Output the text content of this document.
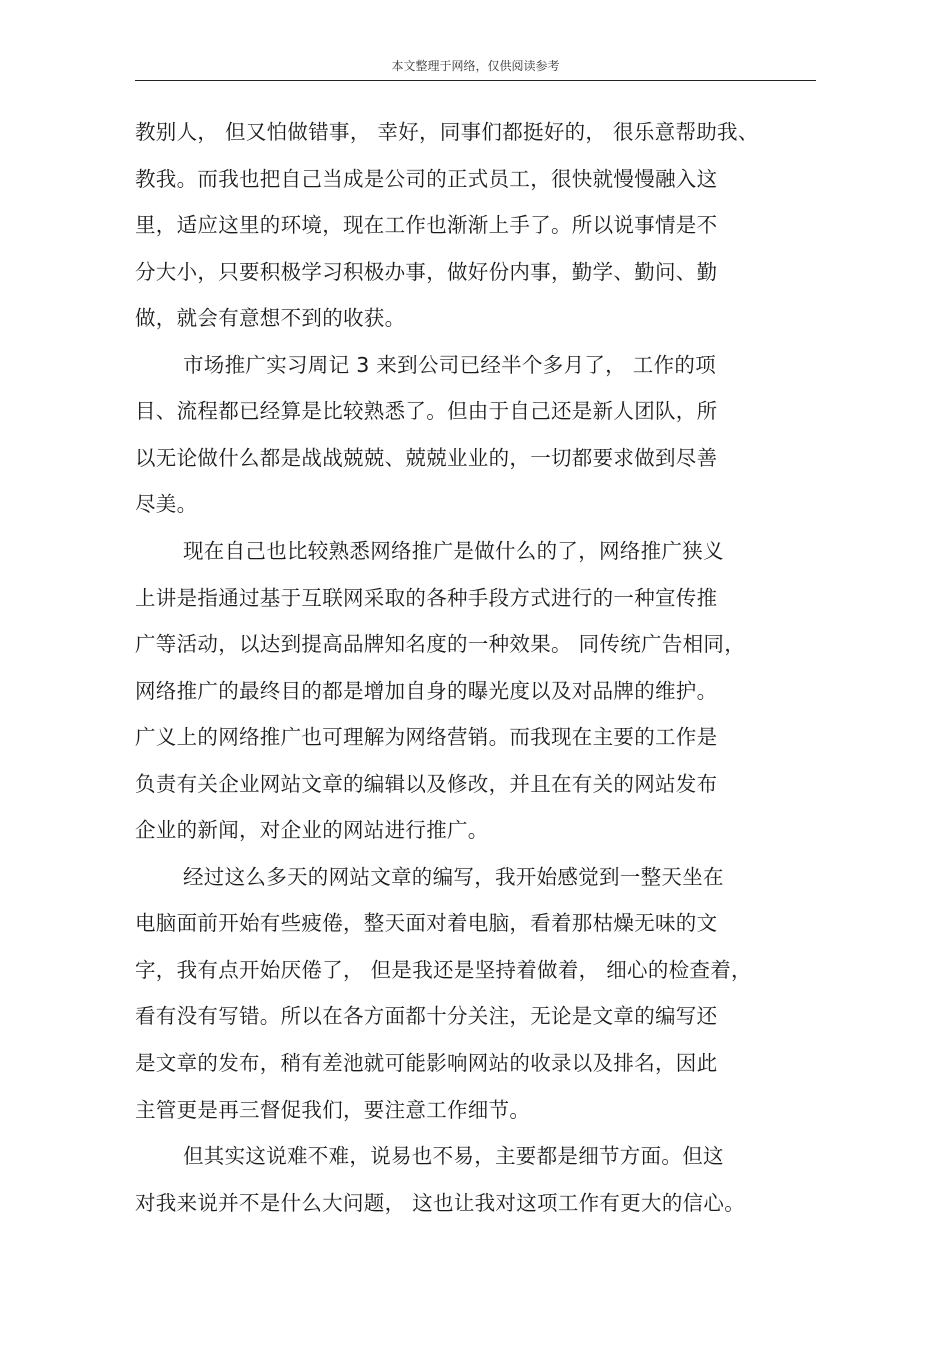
本文整理于网络，仅供阅读参考
教别人， 但又怕做错事， 幸好，同事们都挺好的， 很乐意帮助我、
教我。而我也把自己当成是公司的正式员工，很快就慢慢融入这
里，适应这里的环境，现在工作也渐渐上手了。所以说事情是不
分大小，只要积极学习积极办事，做好份内事，勤学、勤问、勤
做，就会有意想不到的收获。
市场推广实习周记 3 来到公司已经半个多月了， 工作的项
目、流程都已经算是比较熟悉了。但由于自己还是新人团队，所
以无论做什么都是战战兢兢、兢兢业业的，一切都要求做到尽善
尽美。
现在自己也比较熟悉网络推广是做什么的了，网络推广狭义
上讲是指通过基于互联网采取的各种手段方式进行的一种宣传推
广等活动，以达到提高品牌知名度的一种效果。 同传统广告相同，
网络推广的最终目的都是增加自身的曝光度以及对品牌的维护。
广义上的网络推广也可理解为网络营销。而我现在主要的工作是
负责有关企业网站文章的编辑以及修改，并且在有关的网站发布
企业的新闻，对企业的网站进行推广。
经过这么多天的网站文章的编写，我开始感觉到一整天坐在
电脑面前开始有些疲倦，整天面对着电脑，看着那枯燥无味的文
字，我有点开始厌倦了， 但是我还是坚持着做着， 细心的检查着，
看有没有写错。所以在各方面都十分关注，无论是文章的编写还
是文章的发布，稍有差池就可能影响网站的收录以及排名，因此
主管更是再三督促我们，要注意工作细节。
但其实这说难不难，说易也不易，主要都是细节方面。但这
对我来说并不是什么大问题， 这也让我对这项工作有更大的信心。
